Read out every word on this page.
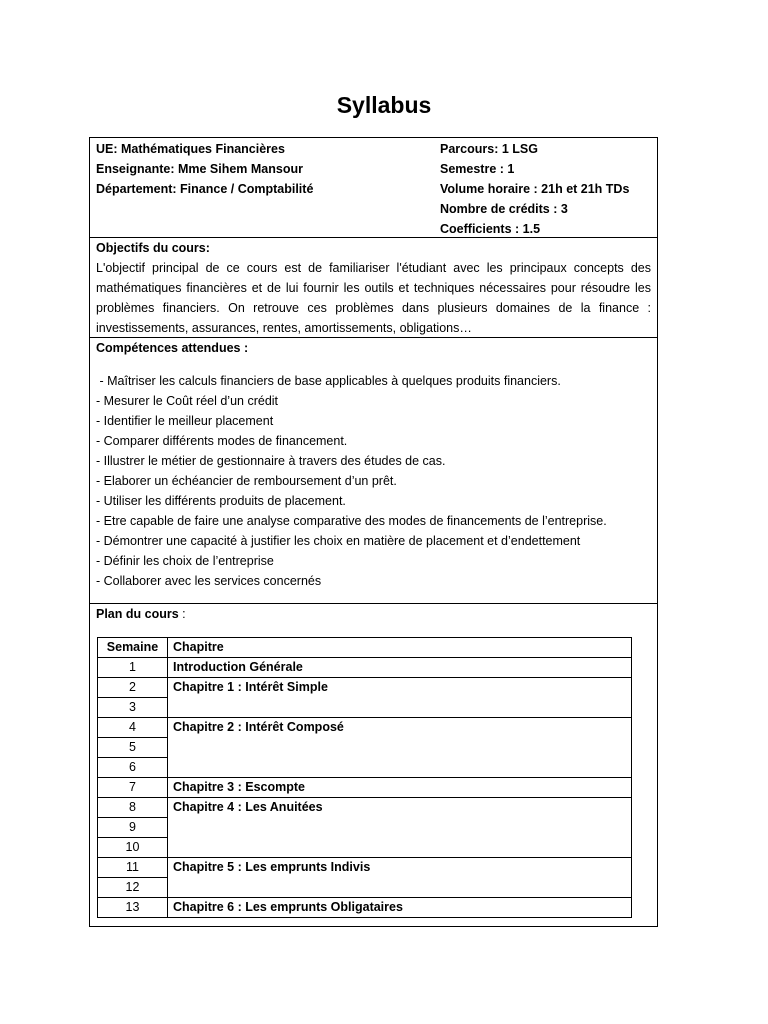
Syllabus
UE: Mathématiques Financières
Enseignante: Mme Sihem Mansour
Département: Finance / Comptabilité
Parcours: 1 LSG
Semestre : 1
Volume horaire : 21h et 21h TDs
Nombre de crédits : 3
Coefficients : 1.5
Objectifs du cours:
L'objectif principal de ce cours est de familiariser l'étudiant avec les principaux concepts des mathématiques financières et de lui fournir les outils et techniques nécessaires pour résoudre les problèmes financiers. On retrouve ces problèmes dans plusieurs domaines de la finance : investissements, assurances, rentes, amortissements, obligations…
Compétences attendues :
- Maîtriser les calculs financiers de base applicables à quelques produits financiers.
- Mesurer le Coût réel d’un crédit
- Identifier le meilleur placement
- Comparer différents modes de financement.
- Illustrer le métier de gestionnaire à travers des études de cas.
- Elaborer un échéancier de remboursement d’un prêt.
- Utiliser les différents produits de placement.
- Etre capable de faire une analyse comparative des modes de financements de l’entreprise.
- Démontrer une capacité à justifier les choix en matière de placement et d’endettement
- Définir les choix de l’entreprise
- Collaborer avec les services concernés
Plan du cours :
Semaine	Chapitre
1	Introduction Générale
2	Chapitre 1 : Intérêt Simple
3	
4	Chapitre 2 : Intérêt Composé
5	
6	
7	Chapitre 3 : Escompte
8	Chapitre 4 : Les Anuitées
9	
10	
11	Chapitre 5 : Les emprunts Indivis
12	
13	Chapitre 6 : Les emprunts Obligataires
